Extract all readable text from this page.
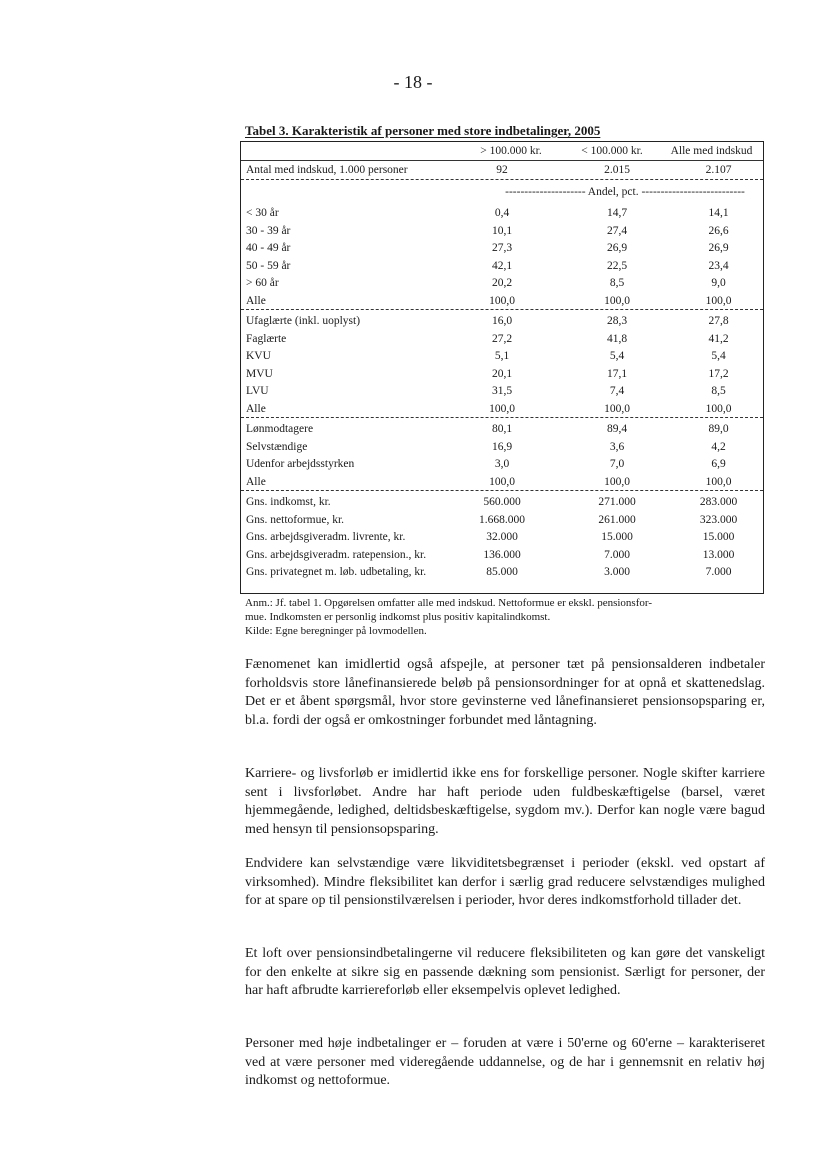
- 18 -
Tabel 3. Karakteristik af personer med store indbetalinger, 2005
> 100.000 kr.	< 100.000 kr.	Alle med indskud
Antal med indskud, 1.000 personer	92	2.015	2.107
--------------------- Andel, pct. ---------------------------
< 30 år	0,4	14,7	14,1
30 - 39 år	10,1	27,4	26,6
40 - 49 år	27,3	26,9	26,9
50 - 59 år	42,1	22,5	23,4
> 60 år	20,2	8,5	9,0
Alle	100,0	100,0	100,0
Ufaglærte (inkl. uoplyst)	16,0	28,3	27,8
Faglærte	27,2	41,8	41,2
KVU	5,1	5,4	5,4
MVU	20,1	17,1	17,2
LVU	31,5	7,4	8,5
Alle	100,0	100,0	100,0
Lønmodtagere	80,1	89,4	89,0
Selvstændige	16,9	3,6	4,2
Udenfor arbejdsstyrken	3,0	7,0	6,9
Alle	100,0	100,0	100,0
Gns. indkomst, kr.	560.000	271.000	283.000
Gns. nettoformue, kr.	1.668.000	261.000	323.000
Gns. arbejdsgiveradm. livrente, kr.	32.000	15.000	15.000
Gns. arbejdsgiveradm. ratepension., kr.	136.000	7.000	13.000
Gns. privategnet m. løb. udbetaling, kr.	85.000	3.000	7.000
Anm.: Jf. tabel 1. Opgørelsen omfatter alle med indskud. Nettoformue er ekskl. pensionsfor-
mue. Indkomsten er personlig indkomst plus positiv kapitalindkomst.
Kilde: Egne beregninger på lovmodellen.
Fænomenet kan imidlertid også afspejle, at personer tæt på pensionsalderen indbetaler forholdsvis store lånefinansierede beløb på pensionsordninger for at opnå et skattenedslag. Det er et åbent spørgsmål, hvor store gevinsterne ved lånefinansieret pensionsopsparing er, bl.a. fordi der også er omkostninger forbundet med låntagning.
Karriere- og livsforløb er imidlertid ikke ens for forskellige personer. Nogle skifter karriere sent i livsforløbet. Andre har haft periode uden fuldbeskæftigelse (barsel, været hjemmegående, ledighed, deltidsbeskæftigelse, sygdom mv.). Derfor kan nogle være bagud med hensyn til pensionsopsparing.
Endvidere kan selvstændige være likviditetsbegrænset i perioder (ekskl. ved opstart af virksomhed). Mindre fleksibilitet kan derfor i særlig grad reducere selvstændiges mulighed for at spare op til pensionstilværelsen i perioder, hvor deres indkomstforhold tillader det.
Et loft over pensionsindbetalingerne vil reducere fleksibiliteten og kan gøre det vanskeligt for den enkelte at sikre sig en passende dækning som pensionist. Særligt for personer, der har haft afbrudte karriereforløb eller eksempelvis oplevet ledighed.
Personer med høje indbetalinger er – foruden at være i 50'erne og 60'erne – karakteriseret ved at være personer med videregående uddannelse, og de har i gennemsnit en relativ høj indkomst og nettoformue.
